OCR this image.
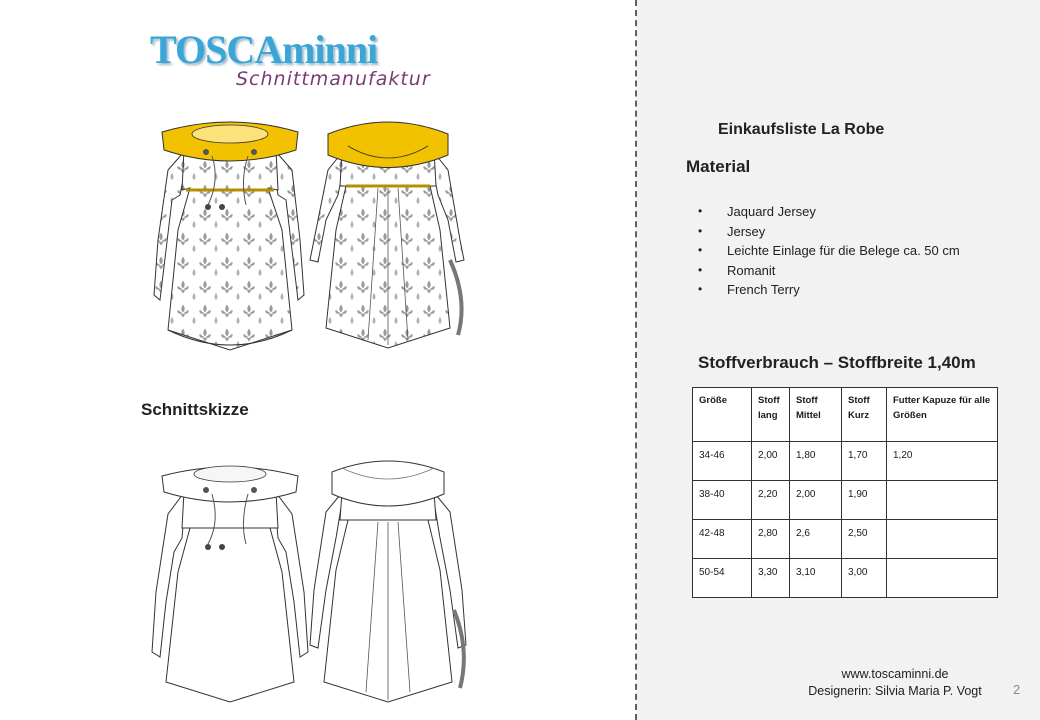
TOSCAminni
Schnittmanufaktur
Schnittskizze
Einkaufsliste La Robe
Material
• Jaquard Jersey
• Jersey
• Leichte Einlage für die Belege ca. 50 cm
• Romanit
• French Terry
Stoffverbrauch – Stoffbreite 1,40m
Größe	Stoff lang	Stoff Mittel	Stoff Kurz	Futter Kapuze für alle Größen
34-46	2,00	1,80	1,70	1,20
38-40	2,20	2,00	1,90	
42-48	2,80	2,6	2,50	
50-54	3,30	3,10	3,00	
www.toscaminni.de
Designerin: Silvia Maria P. Vogt	2
